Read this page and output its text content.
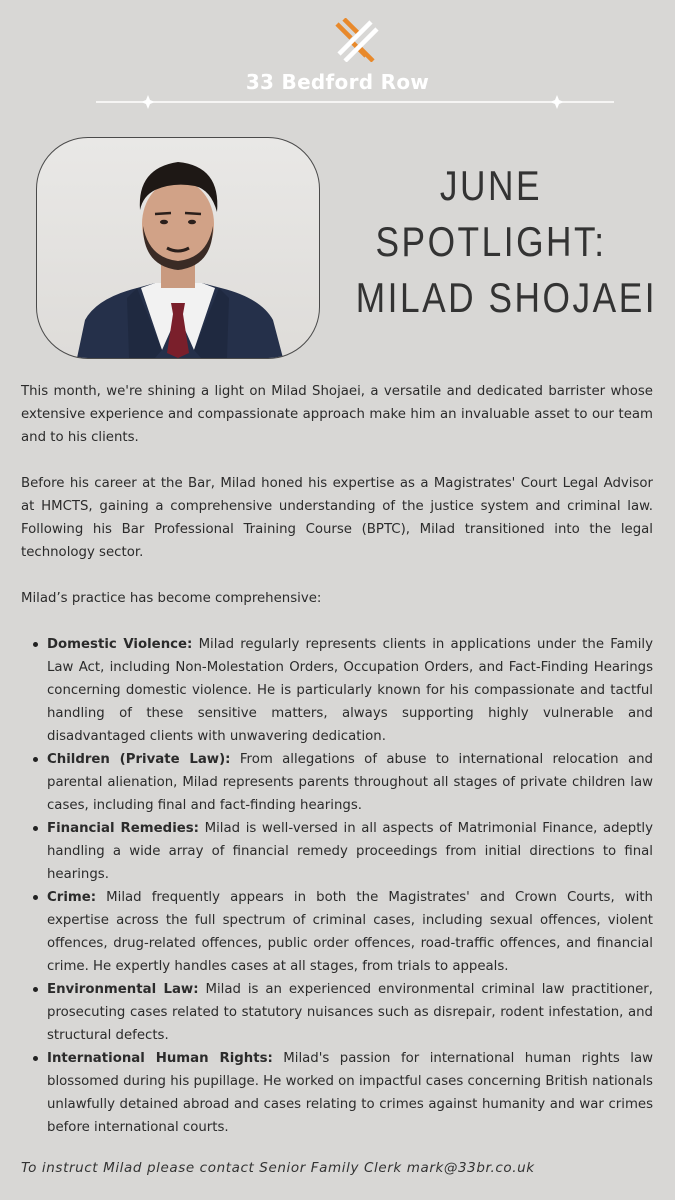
33 Bedford Row
JUNE
SPOTLIGHT:
MILAD SHOJAEI

This month, we're shining a light on Milad Shojaei, a versatile and dedicated barrister whose extensive experience and compassionate approach make him an invaluable asset to our team and to his clients.

Before his career at the Bar, Milad honed his expertise as a Magistrates' Court Legal Advisor at HMCTS, gaining a comprehensive understanding of the justice system and criminal law. Following his Bar Professional Training Course (BPTC), Milad transitioned into the legal technology sector.

Milad’s practice has become comprehensive:

Domestic Violence: Milad regularly represents clients in applications under the Family Law Act, including Non-Molestation Orders, Occupation Orders, and Fact-Finding Hearings concerning domestic violence. He is particularly known for his compassionate and tactful handling of these sensitive matters, always supporting highly vulnerable and disadvantaged clients with unwavering dedication.
Children (Private Law): From allegations of abuse to international relocation and parental alienation, Milad represents parents throughout all stages of private children law cases, including final and fact-finding hearings.
Financial Remedies: Milad is well-versed in all aspects of Matrimonial Finance, adeptly handling a wide array of financial remedy proceedings from initial directions to final hearings.
Crime: Milad frequently appears in both the Magistrates' and Crown Courts, with expertise across the full spectrum of criminal cases, including sexual offences, violent offences, drug-related offences, public order offences, road-traffic offences, and financial crime. He expertly handles cases at all stages, from trials to appeals.
Environmental Law: Milad is an experienced environmental criminal law practitioner, prosecuting cases related to statutory nuisances such as disrepair, rodent infestation, and structural defects.
International Human Rights: Milad's passion for international human rights law blossomed during his pupillage. He worked on impactful cases concerning British nationals unlawfully detained abroad and cases relating to crimes against humanity and war crimes before international courts.
To instruct Milad please contact Senior Family Clerk mark@33br.co.uk
